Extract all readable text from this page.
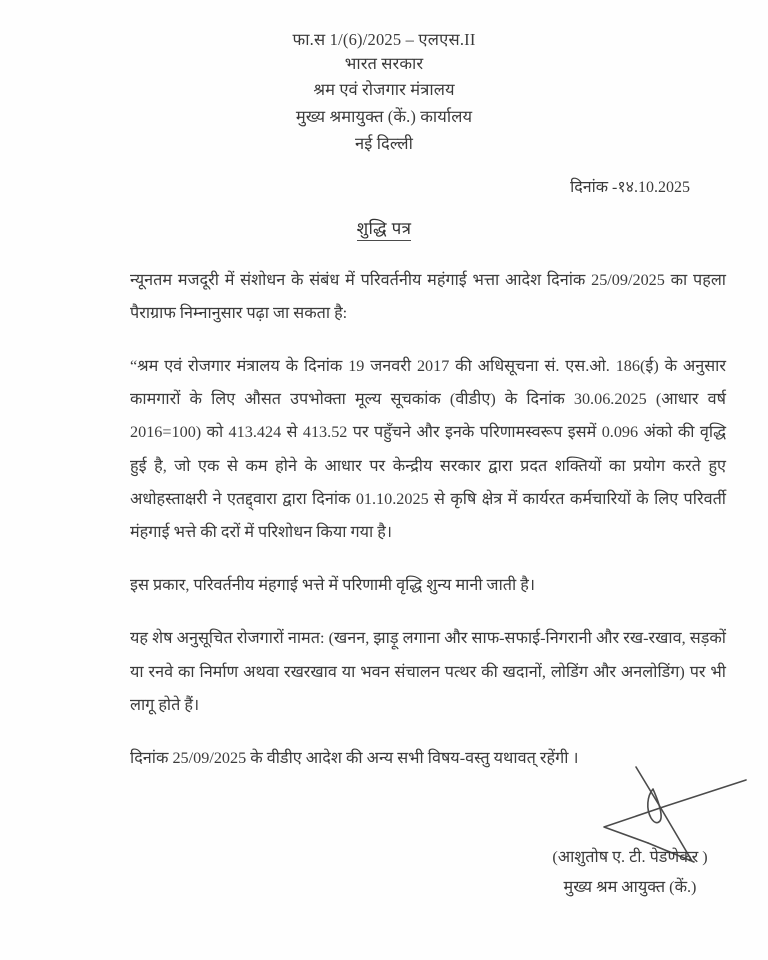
फा.स 1/(6)/2025 – एलएस.II
भारत सरकार
श्रम एवं रोजगार मंत्रालय
मुख्य श्रमायुक्त (कें.) कार्यालय
नई दिल्ली
दिनांक -१४.10.2025
शुद्धि पत्र

न्यूनतम मजदूरी में संशोधन के संबंध में परिवर्तनीय महंगाई भत्ता आदेश दिनांक 25/09/2025 का पहला पैराग्राफ निम्नानुसार पढ़ा जा सकता है:

“श्रम एवं रोजगार मंत्रालय के दिनांक 19 जनवरी 2017 की अधिसूचना सं. एस.ओ. 186(ई) के अनुसार कामगारों के लिए औसत उपभोक्ता मूल्य सूचकांक (वीडीए) के दिनांक 30.06.2025 (आधार वर्ष 2016=100) को 413.424 से 413.52 पर पहुँचने और इनके परिणामस्वरूप इसमें 0.096 अंको की वृद्धि हुई है, जो एक से कम होने के आधार पर केन्द्रीय सरकार द्वारा प्रदत शक्तियों का प्रयोग करते हुए अधोहस्ताक्षरी ने एतद्द्वारा द्वारा दिनांक 01.10.2025 से कृषि क्षेत्र में कार्यरत कर्मचारियों के लिए परिवर्ती मंहगाई भत्ते की दरों में परिशोधन किया गया है।

इस प्रकार, परिवर्तनीय मंहगाई भत्ते में परिणामी वृद्धि शुन्य मानी जाती है।

यह शेष अनुसूचित रोजगारों नामत: (खनन, झाड़ू लगाना और साफ-सफाई-निगरानी और रख-रखाव, सड़कों या रनवे का निर्माण अथवा रखरखाव या भवन संचालन पत्थर की खदानों, लोडिंग और अनलोडिंग) पर भी लागू होते हैं।

दिनांक 25/09/2025 के वीडीए आदेश की अन्य सभी विषय-वस्तु यथावत् रहेंगी ।

(आशुतोष ए. टी. पेडणेकर )
मुख्य श्रम आयुक्त (कें.)
